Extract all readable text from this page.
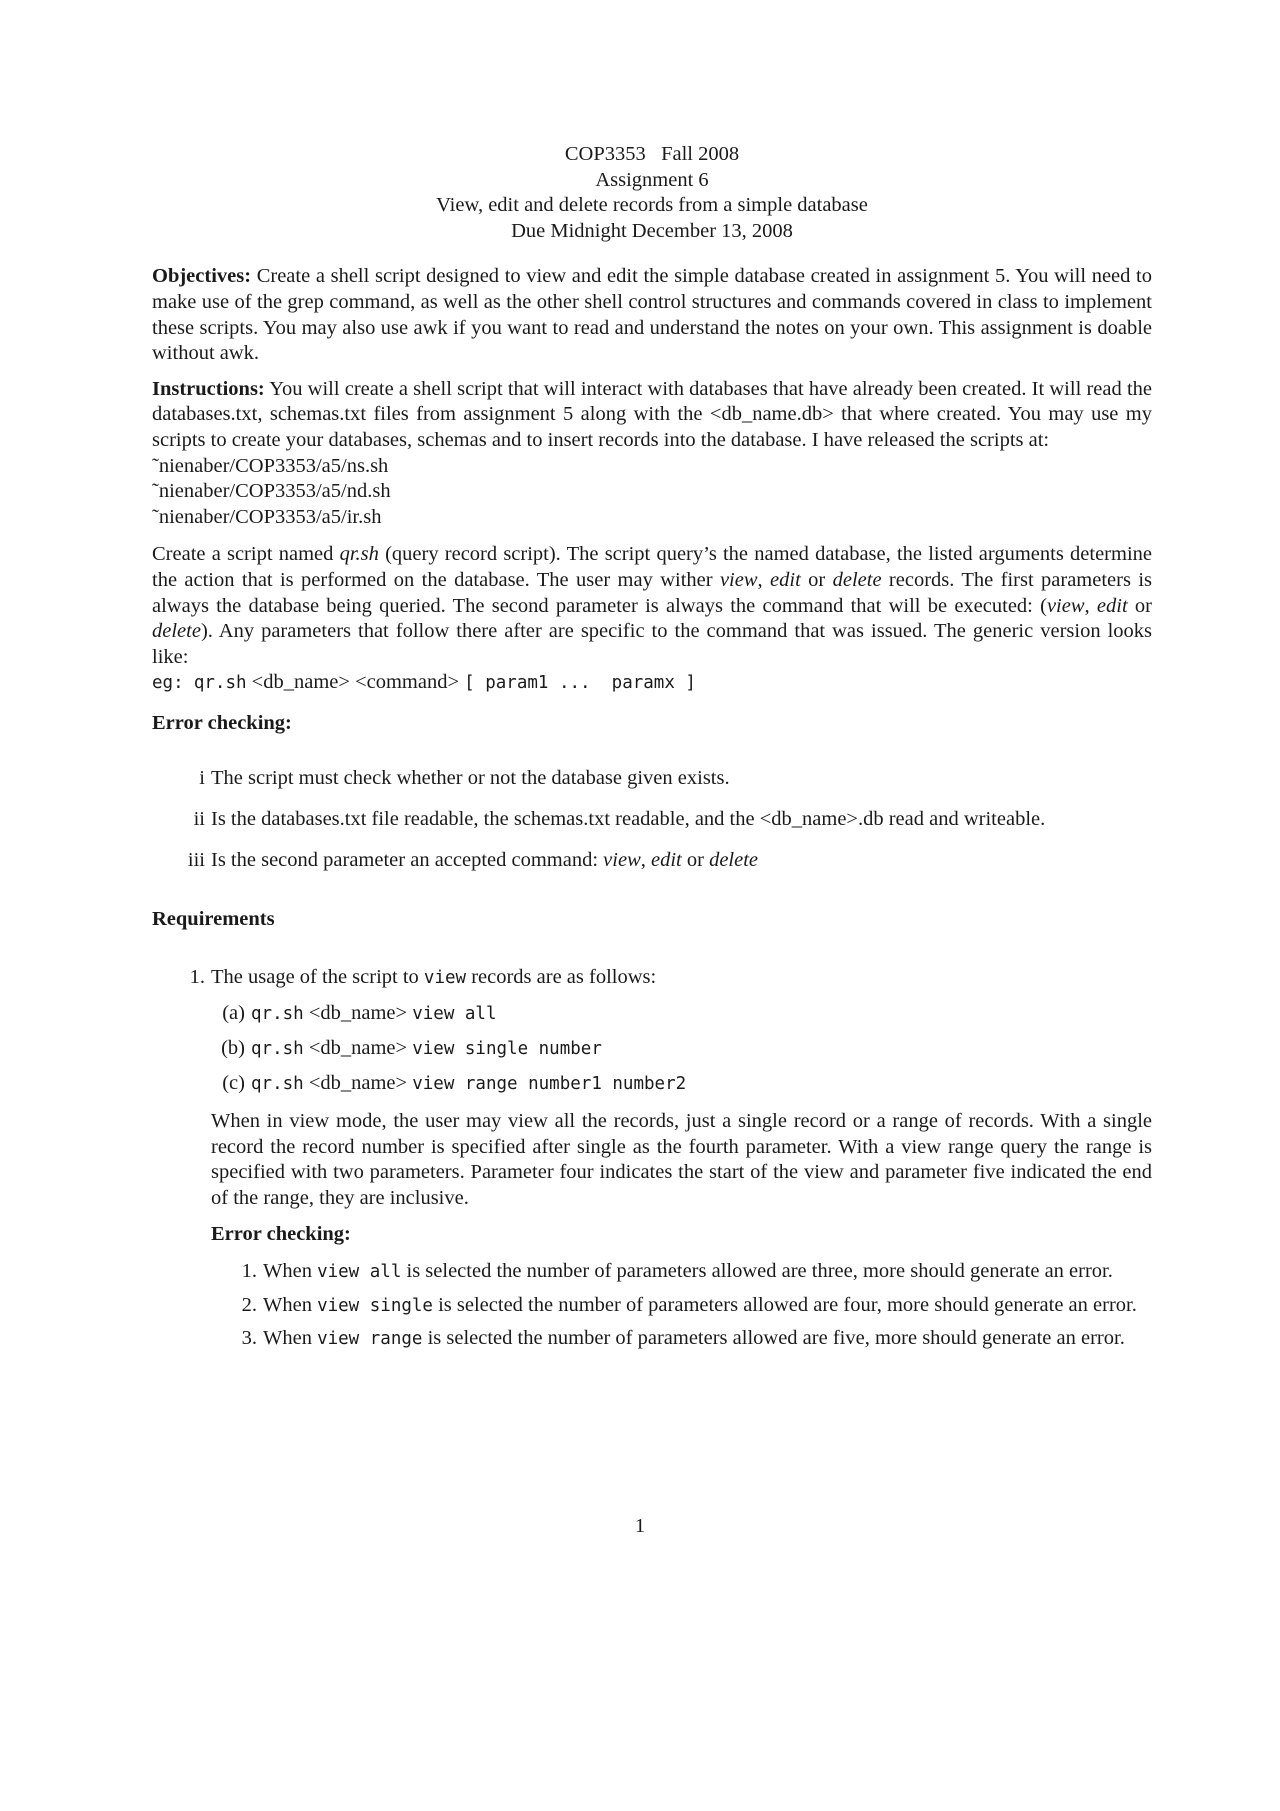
COP3353   Fall 2008
Assignment 6
View, edit and delete records from a simple database
Due Midnight December 13, 2008

Objectives: Create a shell script designed to view and edit the simple database created in assignment 5. You will need to make use of the grep command, as well as the other shell control structures and commands covered in class to implement these scripts. You may also use awk if you want to read and understand the notes on your own. This assignment is doable without awk.

Instructions: You will create a shell script that will interact with databases that have already been created. It will read the databases.txt, schemas.txt files from assignment 5 along with the <db_name.db> that where created. You may use my scripts to create your databases, schemas and to insert records into the database. I have released the scripts at:
˜nienaber/COP3353/a5/ns.sh
˜nienaber/COP3353/a5/nd.sh
˜nienaber/COP3353/a5/ir.sh

Create a script named qr.sh (query record script). The script query’s the named database, the listed arguments determine the action that is performed on the database. The user may wither view, edit or delete records. The first parameters is always the database being queried. The second parameter is always the command that will be executed: (view, edit or delete). Any parameters that follow there after are specific to the command that was issued. The generic version looks like:
eg: qr.sh <db_name> <command> [ param1 ...  paramx ]

Error checking:
i The script must check whether or not the database given exists.
ii Is the databases.txt file readable, the schemas.txt readable, and the <db_name>.db read and writeable.
iii Is the second parameter an accepted command: view, edit or delete
Requirements
1. The usage of the script to view records are as follows:
(a) qr.sh <db_name> view all
(b) qr.sh <db_name> view single number
(c) qr.sh <db_name> view range number1 number2

When in view mode, the user may view all the records, just a single record or a range of records. With a single record the record number is specified after single as the fourth parameter. With a view range query the range is specified with two parameters. Parameter four indicates the start of the view and parameter five indicated the end of the range, they are inclusive.

Error checking:
1. When view all is selected the number of parameters allowed are three, more should generate an error.
2. When view single is selected the number of parameters allowed are four, more should generate an error.
3. When view range is selected the number of parameters allowed are five, more should generate an error.
1
